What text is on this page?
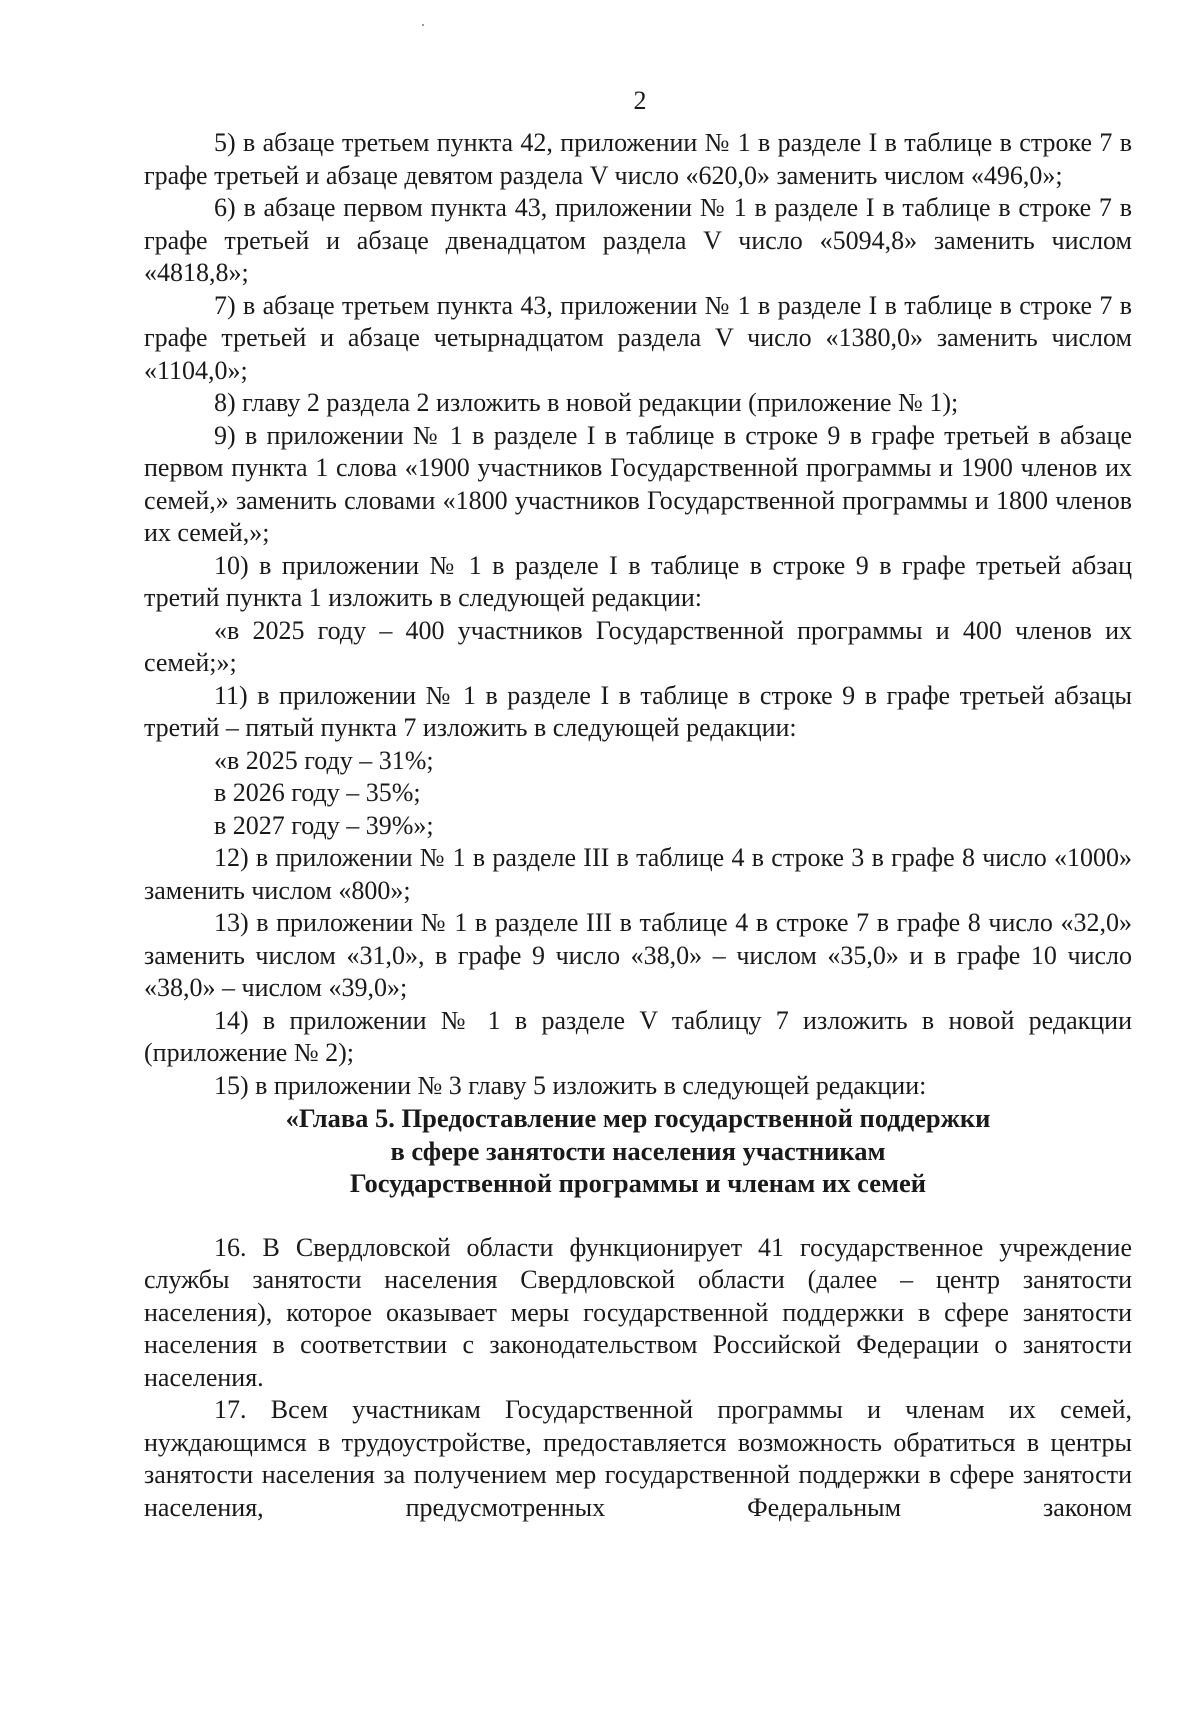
2

5) в абзаце третьем пункта 42, приложении № 1 в разделе I в таблице в строке 7 в графе третьей и абзаце девятом раздела V число «620,0» заменить числом «496,0»;

6) в абзаце первом пункта 43, приложении № 1 в разделе I в таблице в строке 7 в графе третьей и абзаце двенадцатом раздела V число «5094,8» заменить числом «4818,8»;

7) в абзаце третьем пункта 43, приложении № 1 в разделе I в таблице в строке 7 в графе третьей и абзаце четырнадцатом раздела V число «1380,0» заменить числом «1104,0»;

8) главу 2 раздела 2 изложить в новой редакции (приложение № 1);

9) в приложении № 1 в разделе I в таблице в строке 9 в графе третьей в абзаце первом пункта 1 слова «1900 участников Государственной программы и 1900 членов их семей,» заменить словами «1800 участников Государственной программы и 1800 членов их семей,»;

10) в приложении № 1 в разделе I в таблице в строке 9 в графе третьей абзац третий пункта 1 изложить в следующей редакции:

«в 2025 году – 400 участников Государственной программы и 400 членов их семей;»;

11) в приложении № 1 в разделе I в таблице в строке 9 в графе третьей абзацы третий – пятый пункта 7 изложить в следующей редакции:

«в 2025 году – 31%;

в 2026 году – 35%;

в 2027 году – 39%»;

12) в приложении № 1 в разделе III в таблице 4 в строке 3 в графе 8 число «1000» заменить числом «800»;

13) в приложении № 1 в разделе III в таблице 4 в строке 7 в графе 8 число «32,0» заменить числом «31,0», в графе 9 число «38,0» – числом «35,0» и в графе 10 число «38,0» – числом «39,0»;

14) в приложении № 1 в разделе V таблицу 7 изложить в новой редакции (приложение № 2);

15) в приложении № 3 главу 5 изложить в следующей редакции:

«Глава 5. Предоставление мер государственной поддержки

в сфере занятости населения участникам

Государственной программы и членам их семей

16. В Свердловской области функционирует 41 государственное учреждение службы занятости населения Свердловской области (далее – центр занятости населения), которое оказывает меры государственной поддержки в сфере занятости населения в соответствии с законодательством Российской Федерации о занятости населения.

17. Всем участникам Государственной программы и членам их семей, нуждающимся в трудоустройстве, предоставляется возможность обратиться в центры занятости населения за получением мер государственной поддержки в сфере занятости населения, предусмотренных Федеральным законом
